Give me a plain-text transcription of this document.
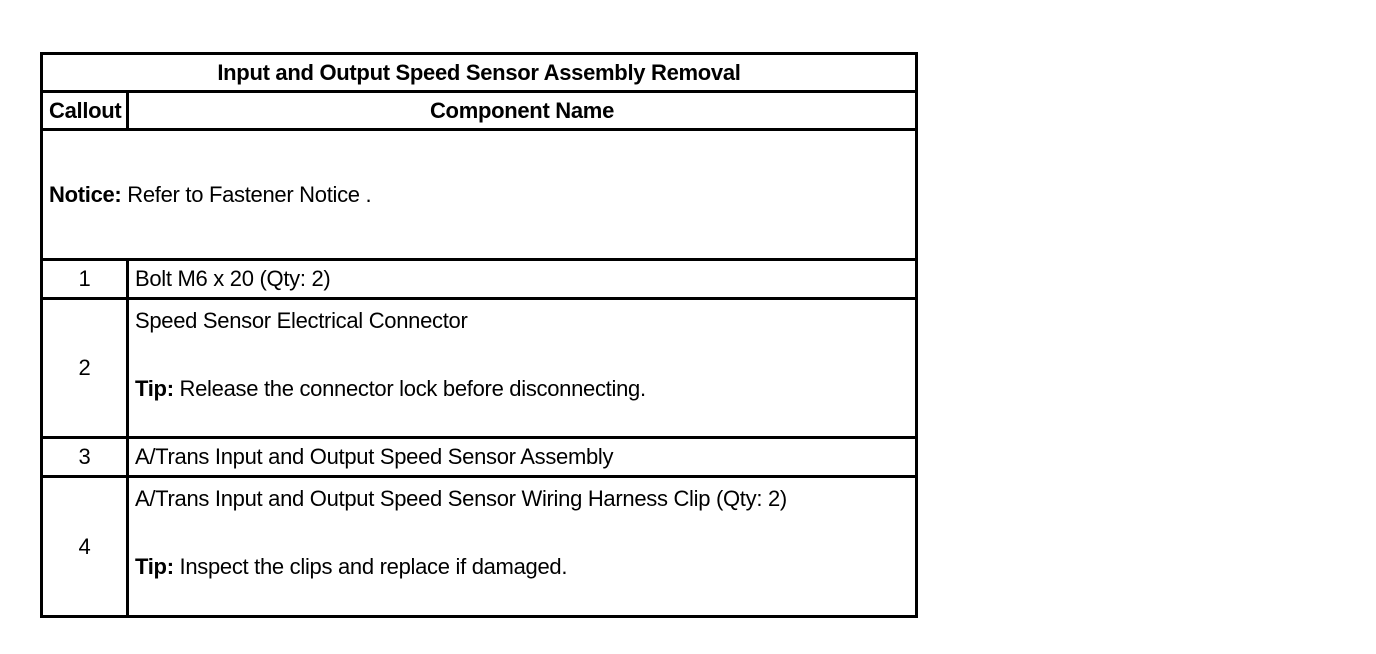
Input and Output Speed Sensor Assembly Removal	
Callout	Component Name
Notice: Refer to Fastener Notice .	
1	Bolt M6 x 20 (Qty: 2)
2	Speed Sensor Electrical Connector
Tip: Release the connector lock before disconnecting.

3	A/Trans Input and Output Speed Sensor Assembly
4	A/Trans Input and Output Speed Sensor Wiring Harness Clip (Qty: 2)
Tip: Inspect the clips and replace if damaged.
